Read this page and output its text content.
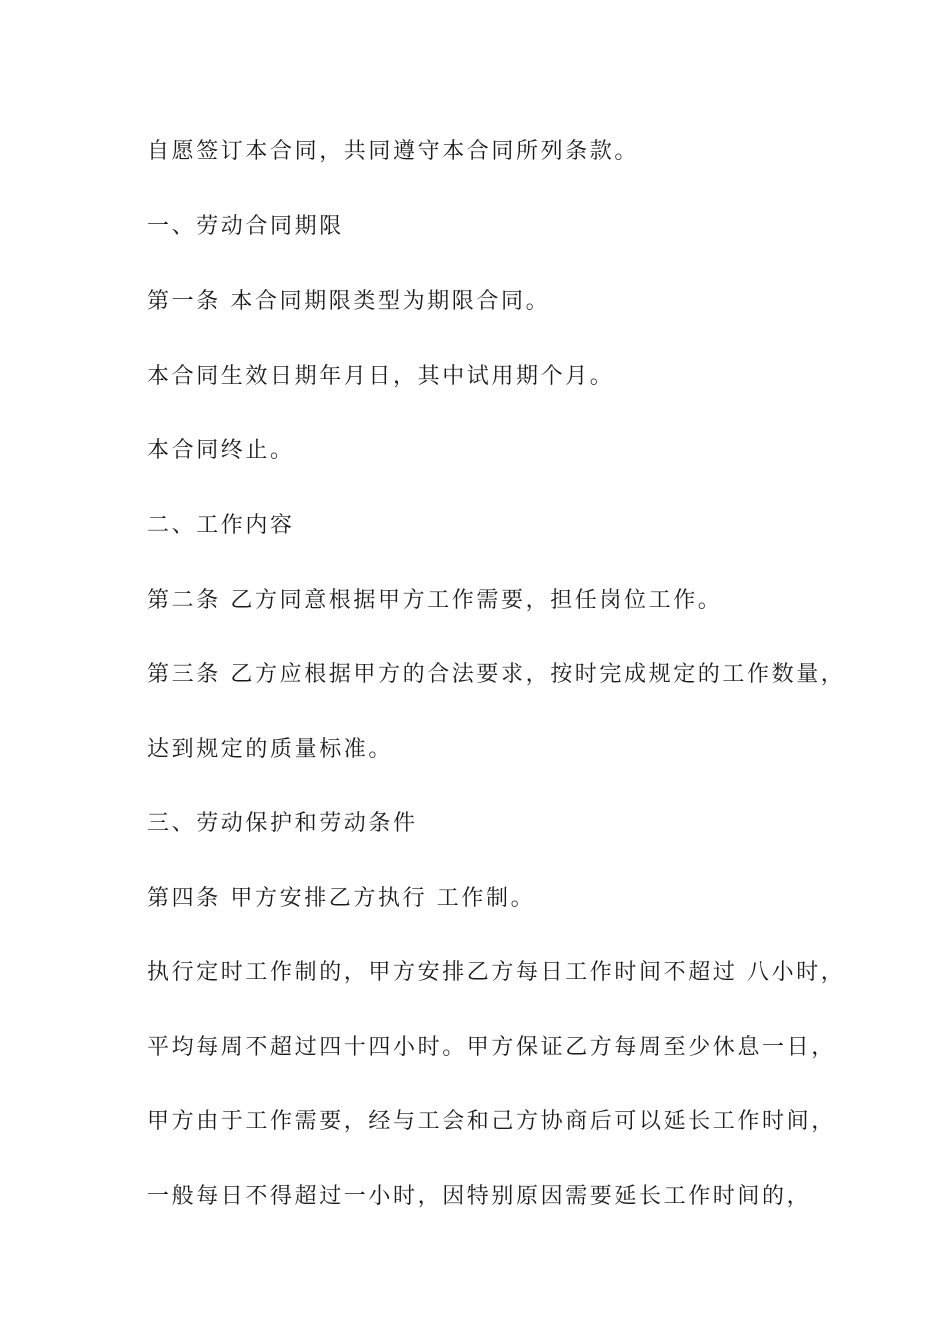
自愿签订本合同，共同遵守本合同所列条款。
一、劳动合同期限
第一条 本合同期限类型为期限合同。
本合同生效日期年月日，其中试用期个月。
本合同终止。
二、工作内容
第二条 乙方同意根据甲方工作需要，担任岗位工作。
第三条 乙方应根据甲方的合法要求，按时完成规定的工作数量，
达到规定的质量标准。
三、劳动保护和劳动条件
第四条 甲方安排乙方执行 工作制。
执行定时工作制的，甲方安排乙方每日工作时间不超过 八小时，
平均每周不超过四十四小时。甲方保证乙方每周至少休息一日，
甲方由于工作需要，经与工会和己方协商后可以延长工作时间，
一般每日不得超过一小时，因特别原因需要延长工作时间的，
